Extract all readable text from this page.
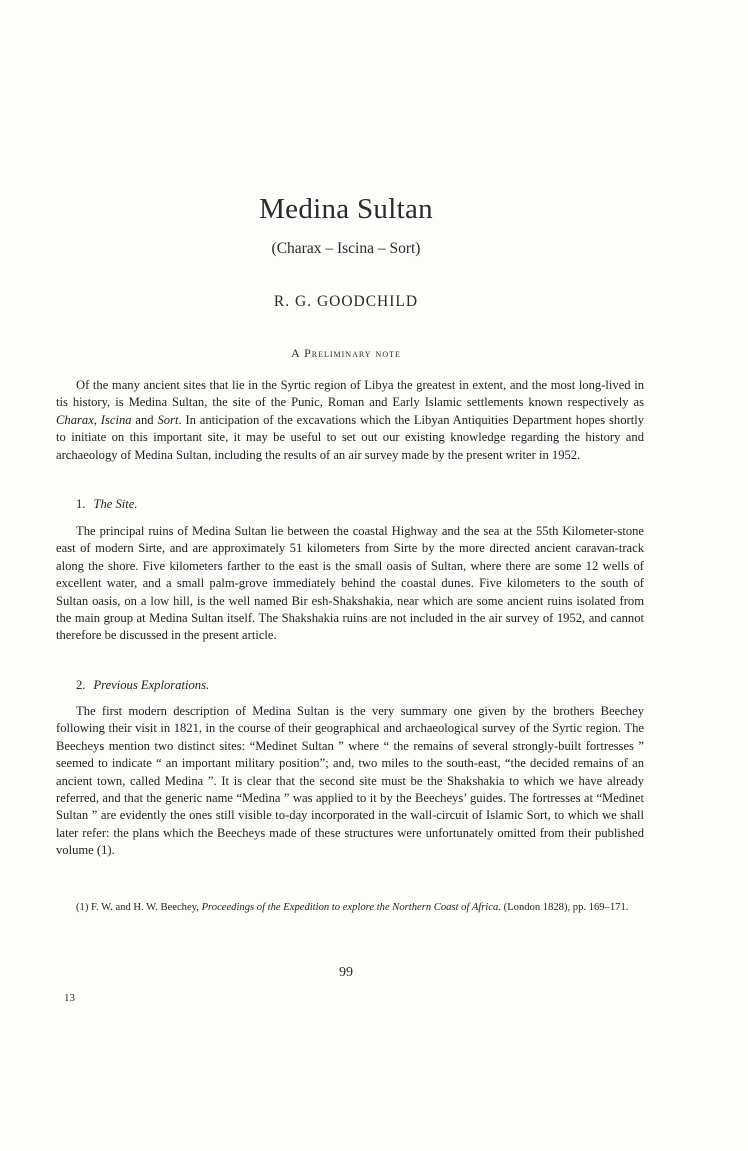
Medina Sultan
(Charax – Iscina – Sort)
R. G. GOODCHILD
A Preliminary note

Of the many ancient sites that lie in the Syrtic region of Libya the greatest in extent, and the most long-lived in tis history, is Medina Sultan, the site of the Punic, Roman and Early Islamic settlements known respectively as Charax, Iscina and Sort. In anticipation of the excavations which the Libyan Antiquities Department hopes shortly to initiate on this important site, it may be useful to set out our existing knowledge regarding the history and archaeology of Medina Sultan, including the results of an air survey made by the present writer in 1952.

1. The Site.

The principal ruins of Medina Sultan lie between the coastal Highway and the sea at the 55th Kilometer-stone east of modern Sirte, and are approximately 51 kilometers from Sirte by the more directed ancient caravan-track along the shore. Five kilometers farther to the east is the small oasis of Sultan, where there are some 12 wells of excellent water, and a small palm-grove immediately behind the coastal dunes. Five kilometers to the south of Sultan oasis, on a low hill, is the well named Bir esh-Shakshakia, near which are some ancient ruins isolated from the main group at Medina Sultan itself. The Shakshakia ruins are not included in the air survey of 1952, and cannot therefore be discussed in the present article.

2. Previous Explorations.

The first modern description of Medina Sultan is the very summary one given by the brothers Beechey following their visit in 1821, in the course of their geographical and archaeological survey of the Syrtic region. The Beecheys mention two distinct sites: “Medinet Sultan ” where “ the remains of several strongly-built fortresses ” seemed to indicate “ an important military position”; and, two miles to the south-east, “the decided remains of an ancient town, called Medina ”. It is clear that the second site must be the Shakshakia to which we have already referred, and that the generic name “Medina ” was applied to it by the Beecheys’ guides. The fortresses at “Medinet Sultan ” are evidently the ones still visible to-day incorporated in the wall-circuit of Islamic Sort, to which we shall later refer: the plans which the Beecheys made of these structures were unfortunately omitted from their published volume (1).

(1) F. W. and H. W. Beechey, Proceedings of the Expedition to explore the Northern Coast of Africa. (London 1828), pp. 169–171.

99
13
